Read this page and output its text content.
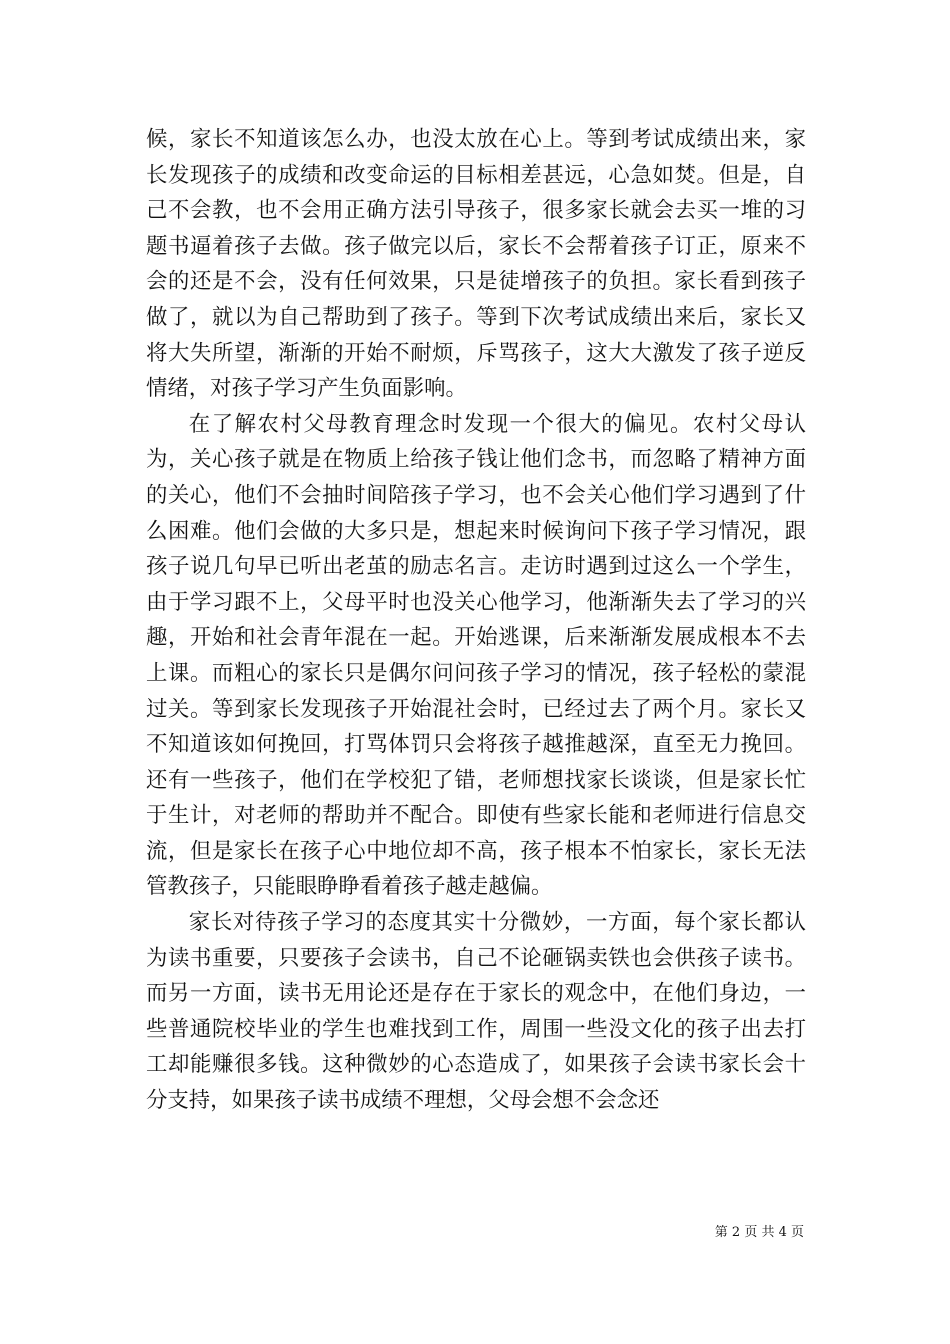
候，家长不知道该怎么办，也没太放在心上。等到考试成绩出来，家长发现孩子的成绩和改变命运的目标相差甚远，心急如焚。但是，自己不会教，也不会用正确方法引导孩子，很多家长就会去买一堆的习题书逼着孩子去做。孩子做完以后，家长不会帮着孩子订正，原来不会的还是不会，没有任何效果，只是徒增孩子的负担。家长看到孩子做了，就以为自己帮助到了孩子。等到下次考试成绩出来后，家长又将大失所望，渐渐的开始不耐烦，斥骂孩子，这大大激发了孩子逆反情绪，对孩子学习产生负面影响。

在了解农村父母教育理念时发现一个很大的偏见。农村父母认为，关心孩子就是在物质上给孩子钱让他们念书，而忽略了精神方面的关心，他们不会抽时间陪孩子学习，也不会关心他们学习遇到了什么困难。他们会做的大多只是，想起来时候询问下孩子学习情况，跟孩子说几句早已听出老茧的励志名言。走访时遇到过这么一个学生，由于学习跟不上，父母平时也没关心他学习，他渐渐失去了学习的兴趣，开始和社会青年混在一起。开始逃课，后来渐渐发展成根本不去上课。而粗心的家长只是偶尔问问孩子学习的情况，孩子轻松的蒙混过关。等到家长发现孩子开始混社会时，已经过去了两个月。家长又不知道该如何挽回，打骂体罚只会将孩子越推越深，直至无力挽回。还有一些孩子，他们在学校犯了错，老师想找家长谈谈，但是家长忙于生计，对老师的帮助并不配合。即使有些家长能和老师进行信息交流，但是家长在孩子心中地位却不高，孩子根本不怕家长，家长无法管教孩子，只能眼睁睁看着孩子越走越偏。

家长对待孩子学习的态度其实十分微妙，一方面，每个家长都认为读书重要，只要孩子会读书，自己不论砸锅卖铁也会供孩子读书。而另一方面，读书无用论还是存在于家长的观念中，在他们身边，一些普通院校毕业的学生也难找到工作，周围一些没文化的孩子出去打工却能赚很多钱。这种微妙的心态造成了，如果孩子会读书家长会十分支持，如果孩子读书成绩不理想，父母会想不会念还

第 2 页 共 4 页
